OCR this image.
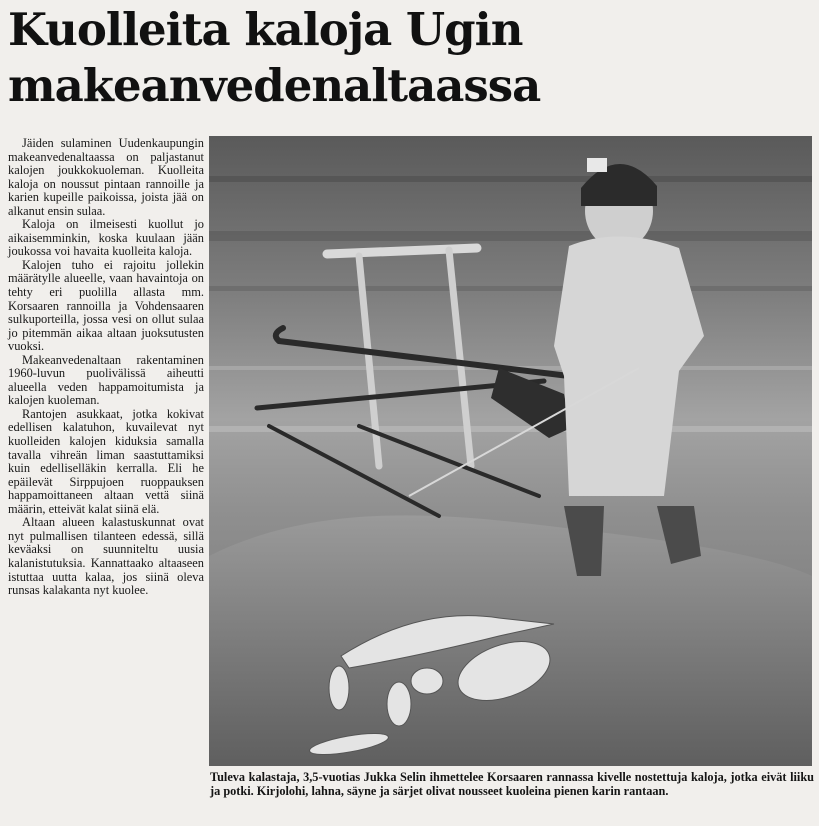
Kuolleita kaloja Ugin
makeanvedenaltaassa

Jäiden sulaminen Uudenkaupungin makeanvedenaltaassa on paljastanut kalojen joukkokuoleman. Kuolleita kaloja on noussut pintaan rannoille ja karien kupeille paikoissa, joista jää on alkanut ensin sulaa.

Kaloja on ilmeisesti kuollut jo aikaisemminkin, koska kuulaan jään joukossa voi havaita kuolleita kaloja.

Kalojen tuho ei rajoitu jollekin määrätylle alueelle, vaan havaintoja on tehty eri puolilla allasta mm. Korsaaren rannoilla ja Vohdensaaren sulkuporteilla, jossa vesi on ollut sulaa jo pitemmän aikaa altaan juoksutusten vuoksi.

Makeanvedenaltaan rakentaminen 1960-luvun puolivälissä aiheutti alueella veden happamoitumista ja kalojen kuoleman.

Rantojen asukkaat, jotka kokivat edellisen kalatuhon, kuvailevat nyt kuolleiden kalojen kiduksia samalla tavalla vihreän liman saastuttamiksi kuin edelliselläkin kerralla. Eli he epäilevät Sirppujoen ruoppauksen happamoittaneen altaan vettä siinä määrin, etteivät kalat siinä elä.

Altaan alueen kalastuskunnat ovat nyt pulmallisen tilanteen edessä, sillä keväaksi on suunniteltu uusia kalanistutuksia. Kannattaako altaaseen istuttaa uutta kalaa, jos siinä oleva runsas kalakanta nyt kuolee.

Tuleva kalastaja, 3,5-vuotias Jukka Selin ihmettelee Korsaaren rannassa kivelle nostettuja kaloja, jotka eivät liiku ja potki. Kirjolohi, lahna, säyne ja särjet olivat nousseet kuoleina pienen karin rantaan.
